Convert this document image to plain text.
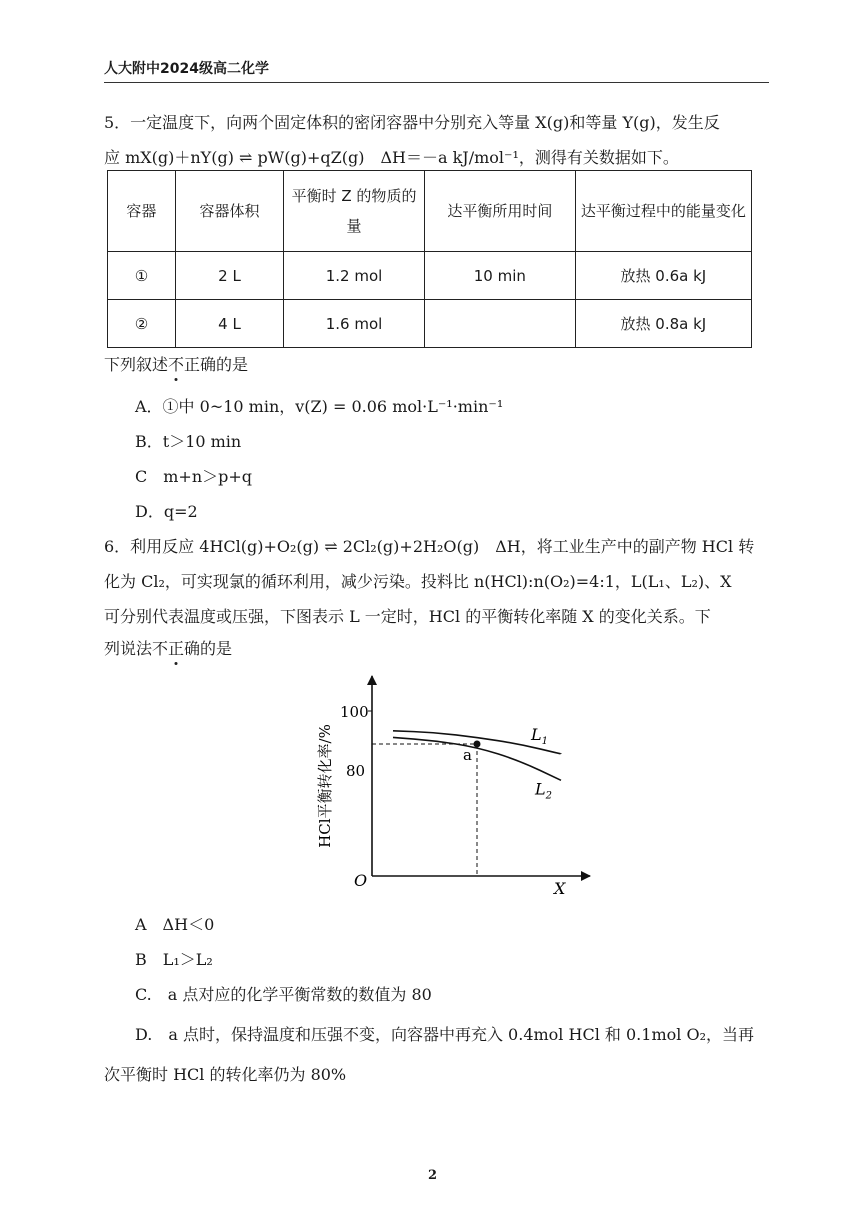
人大附中2024级高二化学
5．一定温度下，向两个固定体积的密闭容器中分别充入等量 X(g)和等量 Y(g)，发生反
应 mX(g)＋nY(g) ⇌ pW(g)+qZ(g)　ΔH＝－a kJ/mol⁻¹，测得有关数据如下。
容器	容器体积	平衡时 Z 的物质的量	达平衡所用时间	达平衡过程中的能量变化
①	2 L	1.2 mol	10 min	放热 0.6a kJ
②	4 L	1.6 mol		放热 0.8a kJ
下列叙述不正确的是
A．①中 0~10 min，v(Z) = 0.06 mol·L⁻¹·min⁻¹
B．t＞10 min
C　m+n＞p+q
D．q=2
6．利用反应 4HCl(g)+O₂(g) ⇌ 2Cl₂(g)+2H₂O(g)　ΔH，将工业生产中的副产物 HCl 转
化为 Cl₂，可实现氯的循环利用，减少污染。投料比 n(HCl):n(O₂)=4:1，L(L₁、L₂)、X
可分别代表温度或压强，下图表示 L 一定时，HCl 的平衡转化率随 X 的变化关系。下
列说法不正确的是
HCl平衡转化率/%
100
80
O	X
$L_1$
$L_2$
a
A　ΔH＜0
B　L₁＞L₂
C.　a 点对应的化学平衡常数的数值为 80
D.　a 点时，保持温度和压强不变，向容器中再充入 0.4mol HCl 和 0.1mol O₂，当再
次平衡时 HCl 的转化率仍为 80%
2
